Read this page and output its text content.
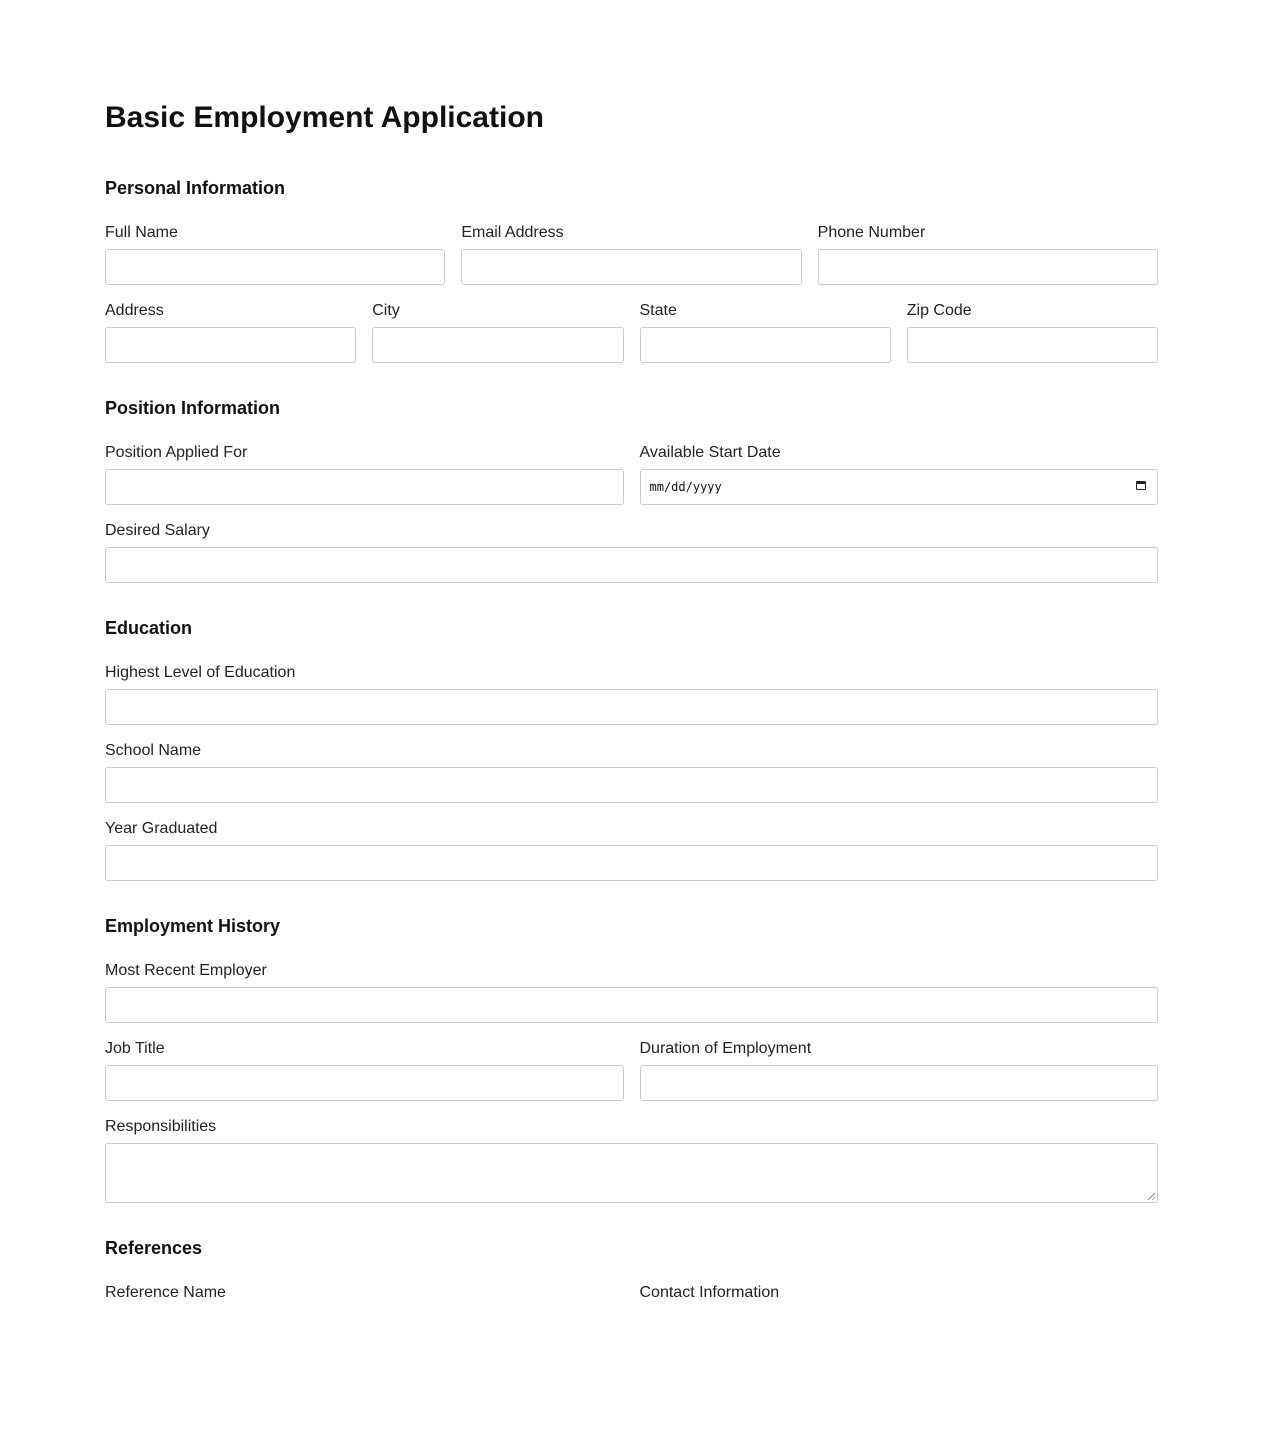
Basic Employment Application
Personal Information
Full Name	Email Address	Phone Number
Address	City	State	Zip Code
Position Information
Position Applied For	Available Start Date
mm/dd/yyyy
Desired Salary
Education
Highest Level of Education
School Name
Year Graduated
Employment History
Most Recent Employer
Job Title	Duration of Employment
Responsibilities
References
Reference Name	Contact Information
